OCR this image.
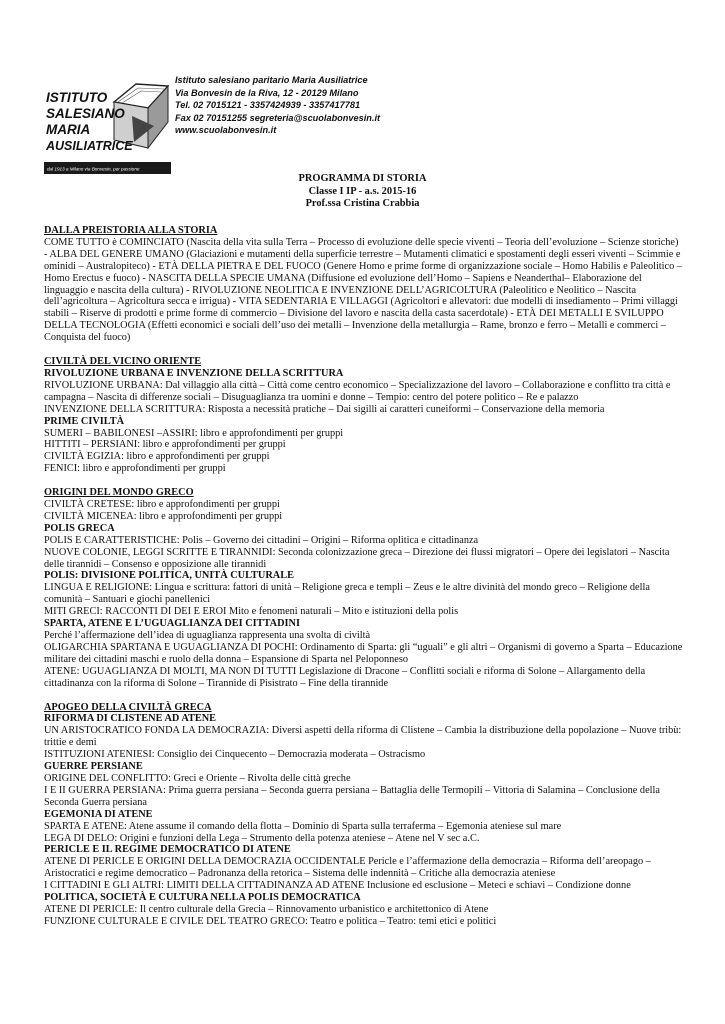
ISTITUTO
SALESIANO
MARIA
AUSILIATRICE
dal 1913 a Milano via Bonvesin, per passione
Istituto salesiano paritario Maria Ausiliatrice
Via Bonvesin de la Riva, 12 - 20129 Milano
Tel. 02 7015121 - 3357424939 - 3357417781
Fax 02 70151255 segreteria@scuolabonvesin.it
www.scuolabonvesin.it
PROGRAMMA DI STORIA
Classe I IP - a.s. 2015-16
Prof.ssa Cristina Crabbia
DALLA PREISTORIA ALLA STORIA
COME TUTTO è COMINCIATO (Nascita della vita sulla Terra – Processo di evoluzione delle specie viventi – Teoria dell’evoluzione – Scienze storiche) - ALBA DEL GENERE UMANO (Glaciazioni e mutamenti della superficie terrestre – Mutamenti climatici e spostamenti degli esseri viventi – Scimmie e ominidi – Australopiteco) - ETÀ DELLA PIETRA E DEL FUOCO (Genere Homo e prime forme di organizzazione sociale – Homo Habilis e Paleolitico – Homo Erectus e fuoco) - NASCITA DELLA SPECIE UMANA (Diffusione ed evoluzione dell’Homo – Sapiens e Neanderthal– Elaborazione del linguaggio e nascita della cultura) - RIVOLUZIONE NEOLITICA E INVENZIONE DELL’AGRICOLTURA (Paleolitico e Neolitico – Nascita dell’agricoltura – Agricoltura secca e irrigua) - VITA SEDENTARIA E VILLAGGI (Agricoltori e allevatori: due modelli di insediamento – Primi villaggi stabili – Riserve di prodotti e prime forme di commercio – Divisione del lavoro e nascita della casta sacerdotale) - ETÀ DEI METALLI E SVILUPPO DELLA TECNOLOGIA (Effetti economici e sociali dell’uso dei metalli – Invenzione della metallurgia – Rame, bronzo e ferro – Metalli e commerci – Conquista del fuoco)
CIVILTÀ DEL VICINO ORIENTE
RIVOLUZIONE URBANA E INVENZIONE DELLA SCRITTURA
RIVOLUZIONE URBANA: Dal villaggio alla città – Città come centro economico – Specializzazione del lavoro – Collaborazione e conflitto tra città e campagna – Nascita di differenze sociali – Disuguaglianza tra uomini e donne – Tempio: centro del potere politico – Re e palazzo
INVENZIONE DELLA SCRITTURA: Risposta a necessità pratiche – Dai sigilli ai caratteri cuneiformi – Conservazione della memoria
PRIME CIVILTÀ
SUMERI – BABILONESI –ASSIRI: libro e approfondimenti per gruppi
HITTITI – PERSIANI: libro e approfondimenti per gruppi
CIVILTÀ EGIZIA: libro e approfondimenti per gruppi
FENICI: libro e approfondimenti per gruppi
ORIGINI DEL MONDO GRECO
CIVILTÀ CRETESE: libro e approfondimenti per gruppi
CIVILTÀ MICENEA: libro e approfondimenti per gruppi
POLIS GRECA
POLIS E CARATTERISTICHE: Polis – Governo dei cittadini – Origini – Riforma oplitica e cittadinanza
NUOVE COLONIE, LEGGI SCRITTE E TIRANNIDI: Seconda colonizzazione greca – Direzione dei flussi migratori – Opere dei legislatori – Nascita delle tirannidi – Consenso e opposizione alle tirannidi
POLIS: DIVISIONE POLITICA, UNITÀ CULTURALE
LINGUA E RELIGIONE: Lingua e scrittura: fattori di unità – Religione greca e templi – Zeus e le altre divinità del mondo greco – Religione della comunità – Santuari e giochi panellenici
MITI GRECI: RACCONTI DI DEI E EROI Mito e fenomeni naturali – Mito e istituzioni della polis
SPARTA, ATENE E L’UGUAGLIANZA DEI CITTADINI
Perché l’affermazione dell’idea di uguaglianza rappresenta una svolta di civiltà
OLIGARCHIA SPARTANA E UGUAGLIANZA DI POCHI: Ordinamento di Sparta: gli “uguali” e gli altri – Organismi di governo a Sparta – Educazione militare dei cittadini maschi e ruolo della donna – Espansione di Sparta nel Peloponneso
ATENE: UGUAGLIANZA DI MOLTI, MA NON DI TUTTI Legislazione di Dracone – Conflitti sociali e riforma di Solone – Allargamento della cittadinanza con la riforma di Solone – Tirannide di Pisistrato – Fine della tirannide
APOGEO DELLA CIVILTÀ GRECA
RIFORMA DI CLISTENE AD ATENE
UN ARISTOCRATICO FONDA LA DEMOCRAZIA: Diversi aspetti della riforma di Clistene – Cambia la distribuzione della popolazione – Nuove tribù: trittie e demi
ISTITUZIONI ATENIESI: Consiglio dei Cinquecento – Democrazia moderata – Ostracismo
GUERRE PERSIANE
ORIGINE DEL CONFLITTO: Greci e Oriente – Rivolta delle città greche
I E II GUERRA PERSIANA: Prima guerra persiana – Seconda guerra persiana – Battaglia delle Termopili – Vittoria di Salamina – Conclusione della Seconda Guerra persiana
EGEMONIA DI ATENE
SPARTA E ATENE: Atene assume il comando della flotta – Dominio di Sparta sulla terraferma – Egemonia ateniese sul mare
LEGA DI DELO: Origini e funzioni della Lega – Strumento della potenza ateniese – Atene nel V sec a.C.
PERICLE E IL REGIME DEMOCRATICO DI ATENE
ATENE DI PERICLE E ORIGINI DELLA DEMOCRAZIA OCCIDENTALE Pericle e l’affermazione della democrazia – Riforma dell’areopago – Aristocratici e regime democratico – Padronanza della retorica – Sistema delle indennità – Critiche alla democrazia ateniese
I CITTADINI E GLI ALTRI: LIMITI DELLA CITTADINANZA AD ATENE Inclusione ed esclusione – Meteci e schiavi – Condizione donne
POLITICA, SOCIETÀ E CULTURA NELLA POLIS DEMOCRATICA
ATENE DI PERICLE: Il centro culturale della Grecia – Rinnovamento urbanistico e architettonico di Atene
FUNZIONE CULTURALE E CIVILE DEL TEATRO GRECO: Teatro e politica – Teatro: temi etici e politici
